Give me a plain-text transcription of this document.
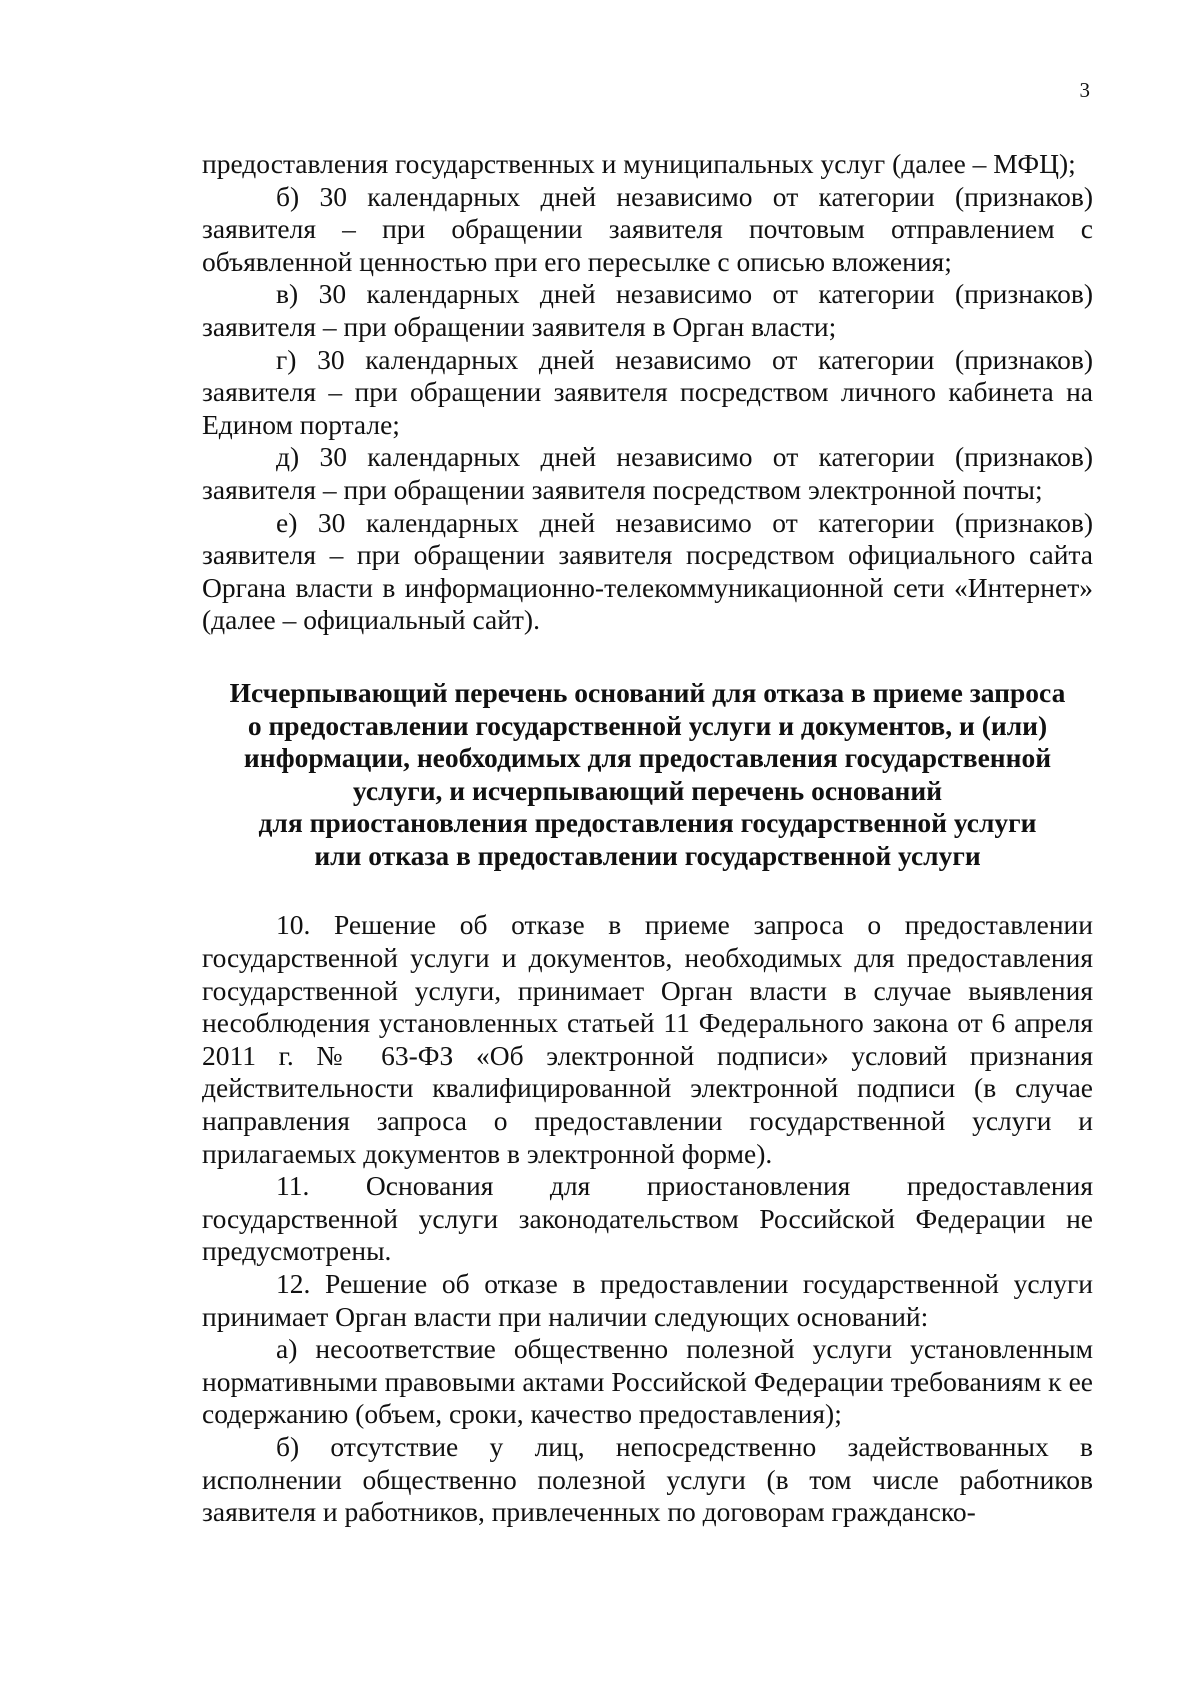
3

предоставления государственных и муниципальных услуг (далее – МФЦ);

б) 30 календарных дней независимо от категории (признаков) заявителя – при обращении заявителя почтовым отправлением с объявленной ценностью при его пересылке с описью вложения;

в) 30 календарных дней независимо от категории (признаков) заявителя – при обращении заявителя в Орган власти;

г) 30 календарных дней независимо от категории (признаков) заявителя – при обращении заявителя посредством личного кабинета на Едином портале;

д) 30 календарных дней независимо от категории (признаков) заявителя – при обращении заявителя посредством электронной почты;

е) 30 календарных дней независимо от категории (признаков) заявителя – при обращении заявителя посредством официального сайта Органа власти в информационно-телекоммуникационной сети «Интернет» (далее – официальный сайт).

Исчерпывающий перечень оснований для отказа в приеме запроса
о предоставлении государственной услуги и документов, и (или)
информации, необходимых для предоставления государственной
услуги, и исчерпывающий перечень оснований
для приостановления предоставления государственной услуги
или отказа в предоставлении государственной услуги

10. Решение об отказе в приеме запроса о предоставлении государственной услуги и документов, необходимых для предоставления государственной услуги, принимает Орган власти в случае выявления несоблюдения установленных статьей 11 Федерального закона от 6 апреля 2011 г. № 63-ФЗ «Об электронной подписи» условий признания действительности квалифицированной электронной подписи (в случае направления запроса о предоставлении государственной услуги и прилагаемых документов в электронной форме).

11. Основания для приостановления предоставления государственной услуги законодательством Российской Федерации не предусмотрены.

12. Решение об отказе в предоставлении государственной услуги принимает Орган власти при наличии следующих оснований:

а) несоответствие общественно полезной услуги установленным нормативными правовыми актами Российской Федерации требованиям к ее содержанию (объем, сроки, качество предоставления);

б) отсутствие у лиц, непосредственно задействованных в исполнении общественно полезной услуги (в том числе работников заявителя и работников, привлеченных по договорам гражданско-
